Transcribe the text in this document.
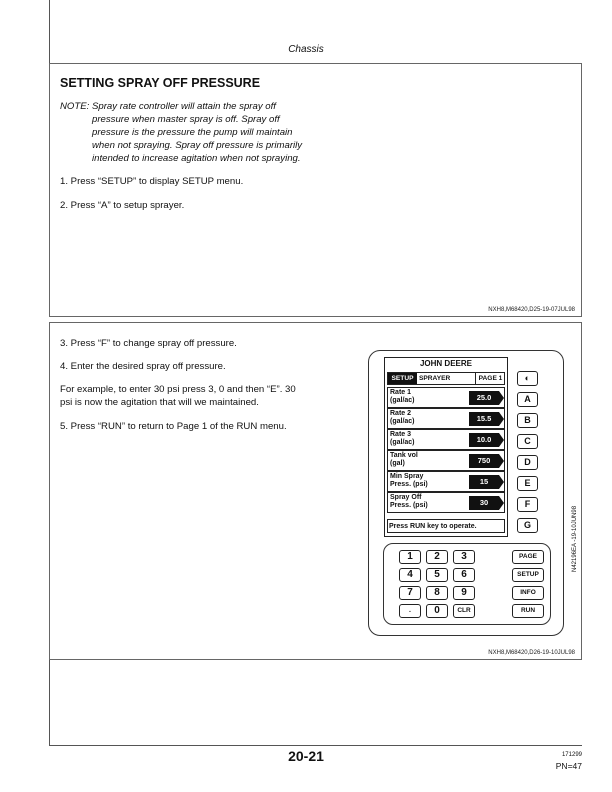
Chassis
SETTING SPRAY OFF PRESSURE
NOTE: Spray rate controller will attain the spray off
pressure when master spray is off. Spray off
pressure is the pressure the pump will maintain
when not spraying. Spray off pressure is primarily
intended to increase agitation when not spraying.
1. Press “SETUP” to display SETUP menu.
2. Press “A” to setup sprayer.
NXH8,M68420,D25-19-07JUL98
3. Press “F” to change spray off pressure.
4. Enter the desired spray off pressure.
For example, to enter 30 psi press 3, 0 and then “E”. 30
psi is now the agitation that will we maintained.
5. Press “RUN” to return to Page 1 of the RUN menu.
JOHN DEERE
SETUP SPRAYER	PAGE 1
Rate 1
(gal/ac)	25.0
Rate 2
(gal/ac)	15.5
Rate 3
(gal/ac)	10.0
Tank vol
(gal)	750
Min Spray
Press. (psi)	15
Spray Off
Press. (psi)	30
Press RUN key to operate.
◐
A
B
C
D
E
F
G
1	2	3
4	5	6
7	8	9
.	0	CLR
PAGE
SETUP
INFO
RUN
N42196EA -19-10JUN98
NXH8,M68420,D26-19-10JUL98
20-21	171299
PN=47
